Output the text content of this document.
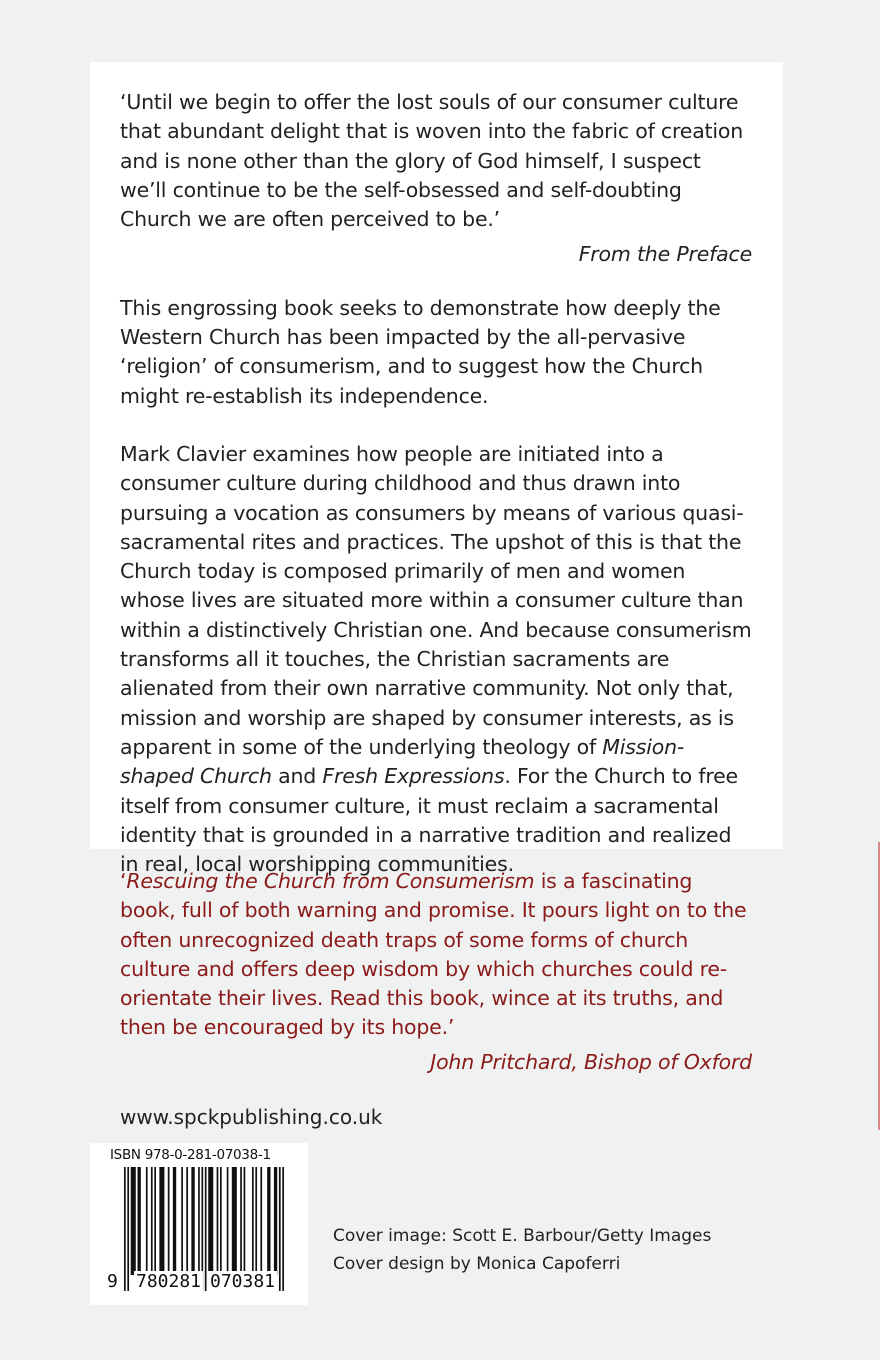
‘Until we begin to offer the lost souls of our consumer culture that abundant delight that is woven into the fabric of creation and is none other than the glory of God himself, I suspect we’ll continue to be the self-obsessed and self-doubting Church we are often perceived to be.’

From the Preface

This engrossing book seeks to demonstrate how deeply the Western Church has been impacted by the all-pervasive ‘religion’ of consumerism, and to suggest how the Church might re-establish its independence.

Mark Clavier examines how people are initiated into a consumer culture during childhood and thus drawn into pursuing a vocation as consumers by means of various quasi-sacramental rites and practices. The upshot of this is that the Church today is composed primarily of men and women whose lives are situated more within a consumer culture than within a distinctively Christian one. And because consumerism transforms all it touches, the Christian sacraments are alienated from their own narrative community. Not only that, mission and worship are shaped by consumer interests, as is apparent in some of the underlying theology of Mission-shaped Church and Fresh Expressions. For the Church to free itself from consumer culture, it must reclaim a sacramental identity that is grounded in a narrative tradition and realized in real, local worshipping communities.

‘Rescuing the Church from Consumerism is a fascinating book, full of both warning and promise. It pours light on to the often unrecognized death traps of some forms of church culture and offers deep wisdom by which churches could re-orientate their lives. Read this book, wince at its truths, and then be encouraged by its hope.’

John Pritchard, Bishop of Oxford

www.spckpublishing.co.uk
ISBN 978-0-281-07038-1
9 780281 070381
Cover image: Scott E. Barbour/Getty Images
Cover design by Monica Capoferri
